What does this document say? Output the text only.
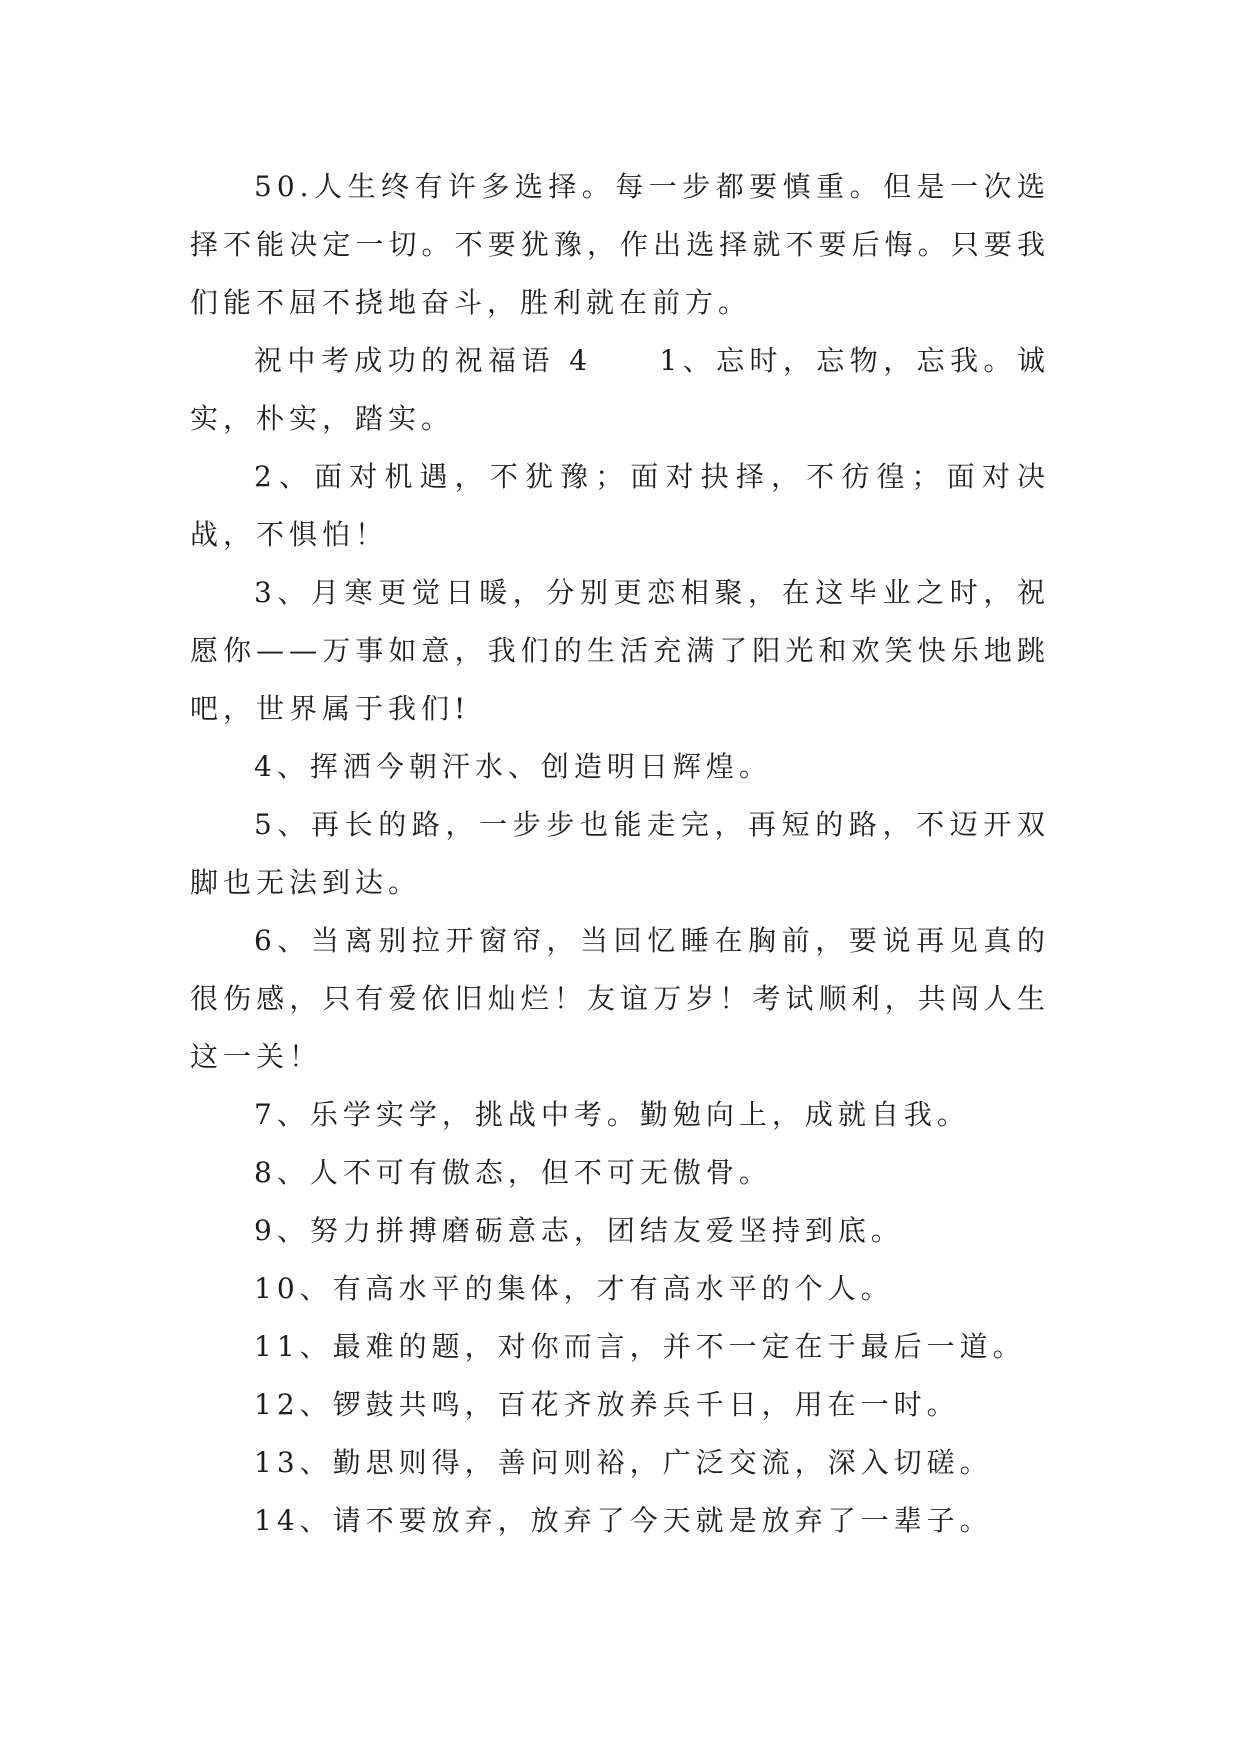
50.人生终有许多选择。每一步都要慎重。但是一次选择不能决定一切。不要犹豫，作出选择就不要后悔。只要我们能不屈不挠地奋斗，胜利就在前方。

祝中考成功的祝福语 4　　1、忘时，忘物，忘我。诚实，朴实，踏实。

2、面对机遇，不犹豫；面对抉择，不彷徨；面对决战，不惧怕！

3、月寒更觉日暖，分别更恋相聚，在这毕业之时，祝愿你——万事如意，我们的生活充满了阳光和欢笑快乐地跳吧，世界属于我们!

4、挥洒今朝汗水、创造明日辉煌。

5、再长的路，一步步也能走完，再短的路，不迈开双脚也无法到达。

6、当离别拉开窗帘，当回忆睡在胸前，要说再见真的很伤感，只有爱依旧灿烂！友谊万岁！考试顺利，共闯人生这一关！

7、乐学实学，挑战中考。勤勉向上，成就自我。

8、人不可有傲态，但不可无傲骨。

9、努力拼搏磨砺意志，团结友爱坚持到底。

10、有高水平的集体，才有高水平的个人。

11、最难的题，对你而言，并不一定在于最后一道。

12、锣鼓共鸣，百花齐放养兵千日，用在一时。

13、勤思则得，善问则裕，广泛交流，深入切磋。

14、请不要放弃，放弃了今天就是放弃了一辈子。
